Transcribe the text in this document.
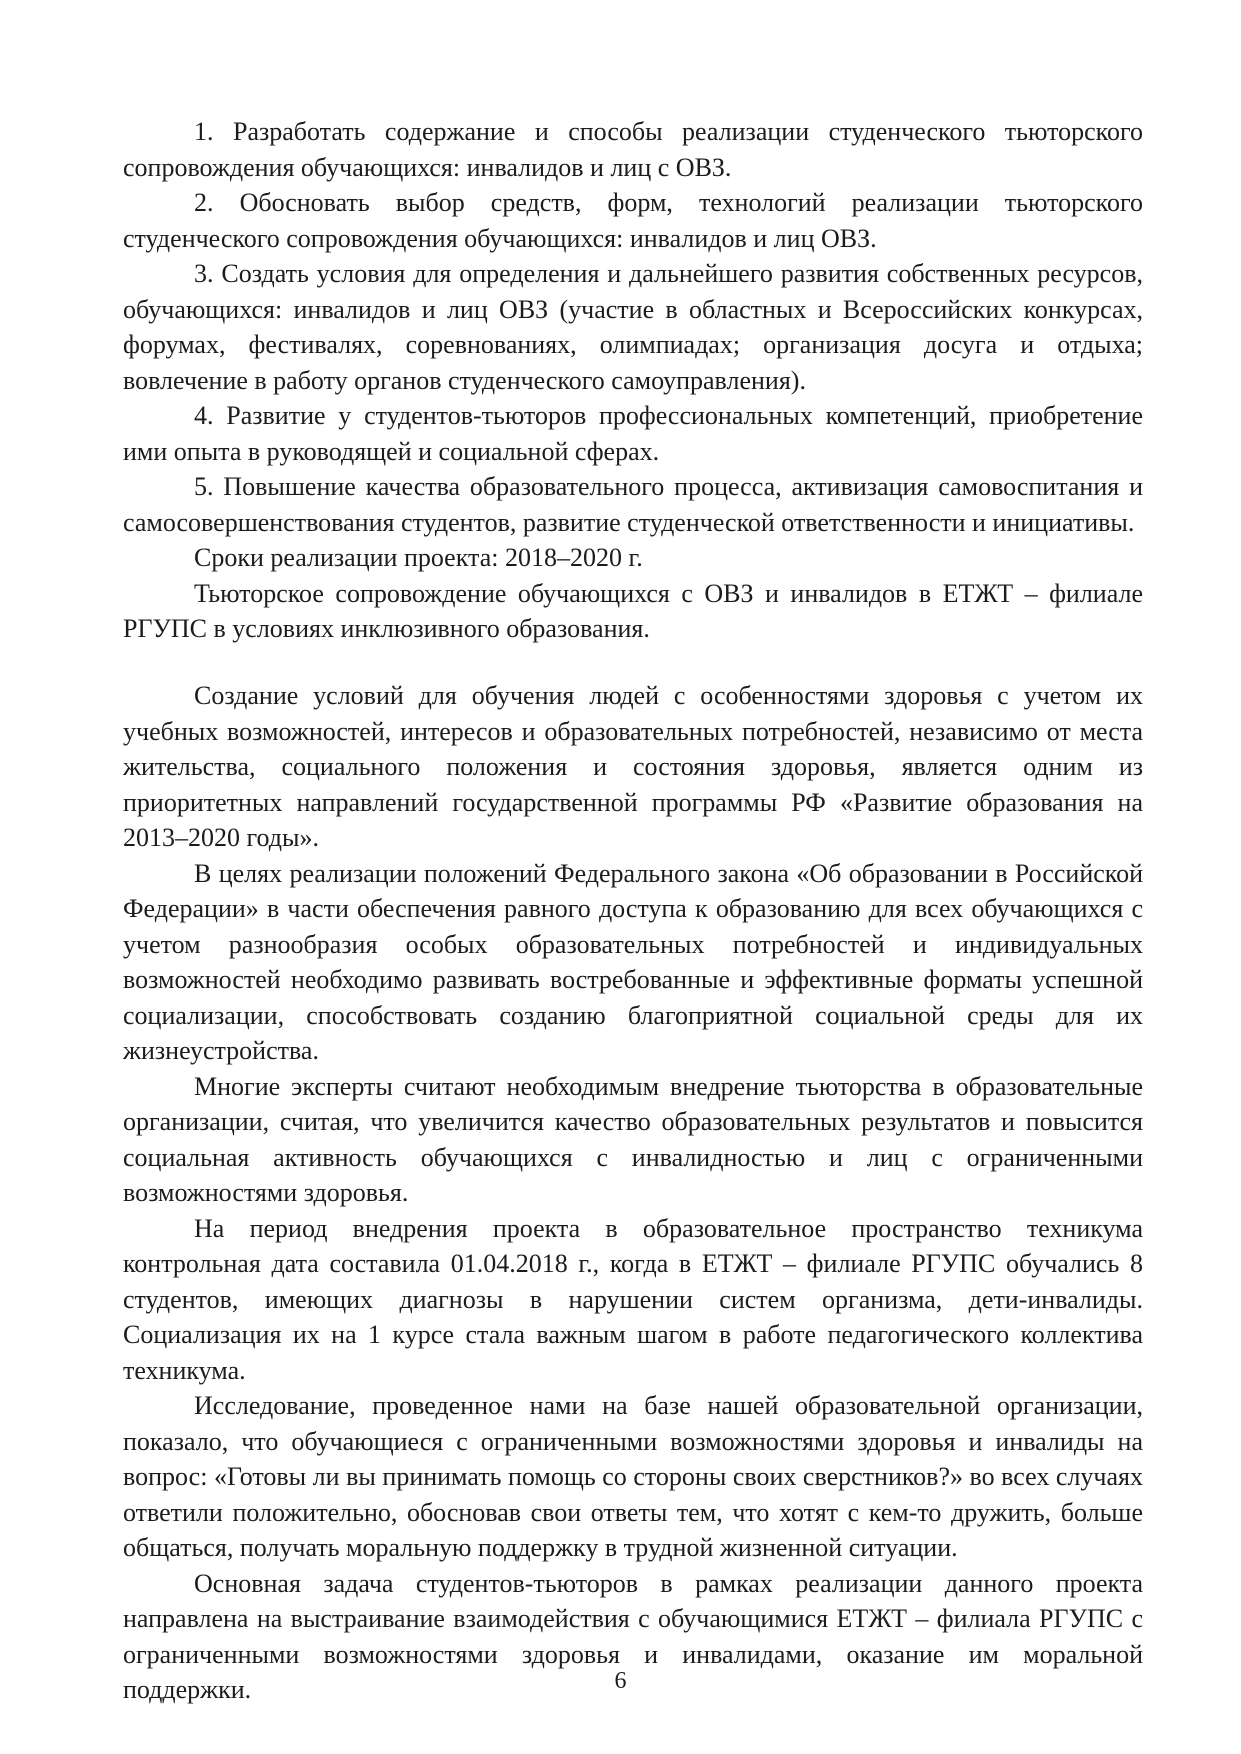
1. Разработать содержание и способы реализации студенческого тьюторского сопровождения обучающихся: инвалидов и лиц с ОВЗ.

2. Обосновать выбор средств, форм, технологий реализации тьюторского студенческого сопровождения обучающихся: инвалидов и лиц ОВЗ.

3. Создать условия для определения и дальнейшего развития собственных ресурсов, обучающихся: инвалидов и лиц ОВЗ (участие в областных и Всероссийских конкурсах, форумах, фестивалях, соревнованиях, олимпиадах; организация досуга и отдыха; вовлечение в работу органов студенческого самоуправления).

4. Развитие у студентов-тьюторов профессиональных компетенций, приобретение ими опыта в руководящей и социальной сферах.

5. Повышение качества образовательного процесса, активизация самовоспитания и самосовершенствования студентов, развитие студенческой ответственности и инициативы.

Сроки реализации проекта: 2018–2020 г.

Тьюторское сопровождение обучающихся с ОВЗ и инвалидов в ЕТЖТ – филиале РГУПС в условиях инклюзивного образования.

Создание условий для обучения людей с особенностями здоровья с учетом их учебных возможностей, интересов и образовательных потребностей, независимо от места жительства, социального положения и состояния здоровья, является одним из приоритетных направлений государственной программы РФ «Развитие образования на 2013–2020 годы».

В целях реализации положений Федерального закона «Об образовании в Российской Федерации» в части обеспечения равного доступа к образованию для всех обучающихся с учетом разнообразия особых образовательных потребностей и индивидуальных возможностей необходимо развивать востребованные и эффективные форматы успешной социализации, способствовать созданию благоприятной социальной среды для их жизнеустройства.

Многие эксперты считают необходимым внедрение тьюторства в образовательные организации, считая, что увеличится качество образовательных результатов и повысится социальная активность обучающихся с инвалидностью и лиц с ограниченными возможностями здоровья.

На период внедрения проекта в образовательное пространство техникума контрольная дата составила 01.04.2018 г., когда в ЕТЖТ – филиале РГУПС обучались 8 студентов, имеющих диагнозы в нарушении систем организма, дети-инвалиды. Социализация их на 1 курсе стала важным шагом в работе педагогического коллектива техникума.

Исследование, проведенное нами на базе нашей образовательной организации, показало, что обучающиеся с ограниченными возможностями здоровья и инвалиды на вопрос: «Готовы ли вы принимать помощь со стороны своих сверстников?» во всех случаях ответили положительно, обосновав свои ответы тем, что хотят с кем-то дружить, больше общаться, получать моральную поддержку в трудной жизненной ситуации.

Основная задача студентов-тьюторов в рамках реализации данного проекта направлена на выстраивание взаимодействия с обучающимися ЕТЖТ – филиала РГУПС с ограниченными возможностями здоровья и инвалидами, оказание им моральной поддержки.	6
